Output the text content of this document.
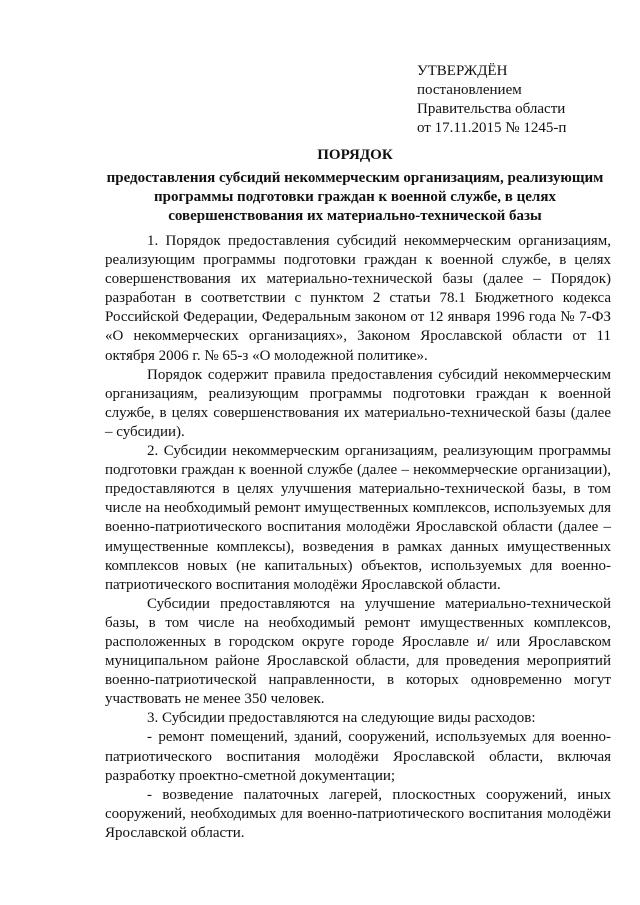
УТВЕРЖДЁН
постановлением
Правительства области
от 17.11.2015 № 1245-п
ПОРЯДОК
предоставления субсидий некоммерческим организациям, реализующим
программы подготовки граждан к военной службе, в целях
совершенствования их материально-технической базы

1. Порядок предоставления субсидий некоммерческим организациям, реализующим программы подготовки граждан к военной службе, в целях совершенствования их материально-технической базы (далее – Порядок) разработан в соответствии с пунктом 2 статьи 78.1 Бюджетного кодекса Российской Федерации, Федеральным законом от 12 января 1996 года № 7-ФЗ «О некоммерческих организациях», Законом Ярославской области от 11 октября 2006 г. № 65-з «О молодежной политике».

Порядок содержит правила предоставления субсидий некоммерческим организациям, реализующим программы подготовки граждан к военной службе, в целях совершенствования их материально-технической базы (далее – субсидии).

2. Субсидии некоммерческим организациям, реализующим программы подготовки граждан к военной службе (далее – некоммерческие организации), предоставляются в целях улучшения материально-технической базы, в том числе на необходимый ремонт имущественных комплексов, используемых для военно-патриотического воспитания молодёжи Ярославской области (далее – имущественные комплексы), возведения в рамках данных имущественных комплексов новых (не капитальных) объектов, используемых для военно-патриотического воспитания молодёжи Ярославской области.

Субсидии предоставляются на улучшение материально-технической базы, в том числе на необходимый ремонт имущественных комплексов, расположенных в городском округе городе Ярославле и/ или Ярославском муниципальном районе Ярославской области, для проведения мероприятий военно-патриотической направленности, в которых одновременно могут участвовать не менее 350 человек.

3. Субсидии предоставляются на следующие виды расходов:

- ремонт помещений, зданий, сооружений, используемых для военно-патриотического воспитания молодёжи Ярославской области, включая разработку проектно-сметной документации;

- возведение палаточных лагерей, плоскостных сооружений, иных сооружений, необходимых для военно-патриотического воспитания молодёжи Ярославской области.
